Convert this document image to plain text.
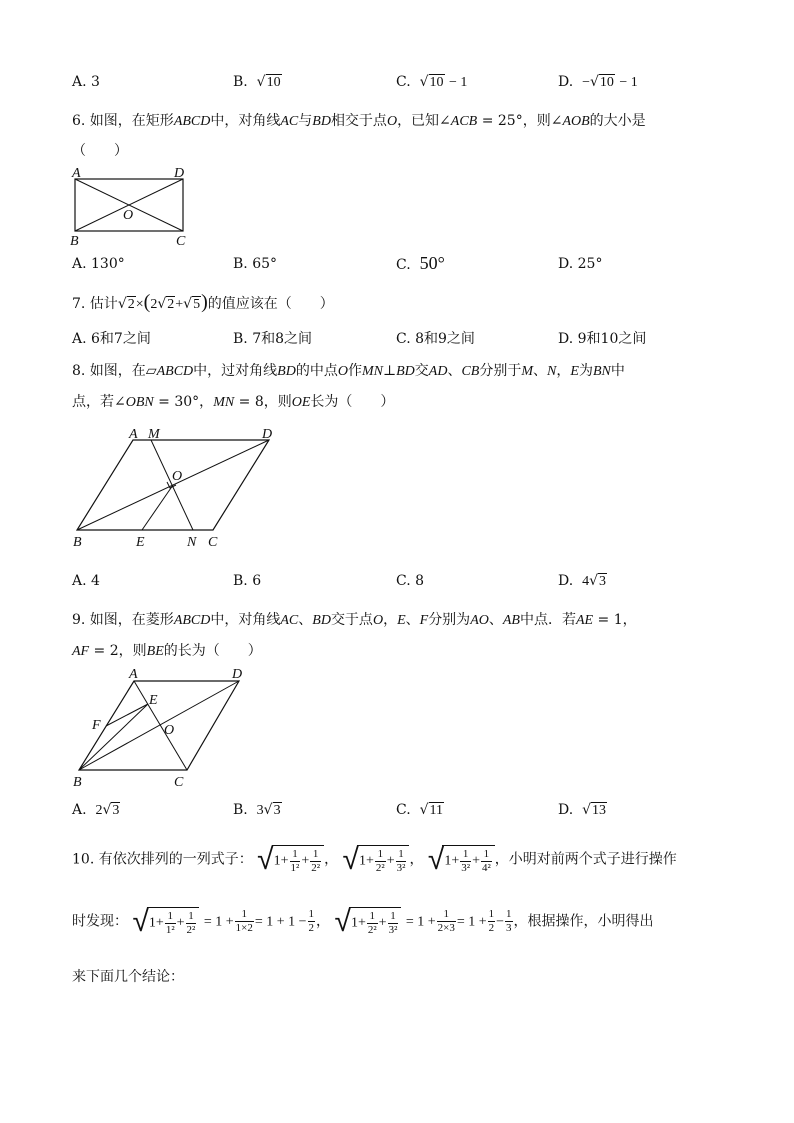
A. 3	B. √10	C. √10 − 1	D. −√10 − 1
6. 如图，在矩形ABCD中，对角线AC与BD相交于点O，已知∠ACB = 25°，则∠AOB的大小是
（　　）
A	D
O
B	C
A. 130°	B. 65°	C. 50°	D. 25°
7. 估计√2×(2√2+√5)的值应该在（　　）
A. 6和7之间	B. 7和8之间	C. 8和9之间	D. 9和10之间
8. 如图，在▱ABCD中，过对角线BD的中点O作MN⊥BD交AD、CB分别于M、N，E为BN中
点，若∠OBN = 30°，MN = 8，则OE长为（　　）
A M	D
O
B	E	N C
A. 4	B. 6	C. 8	D. 4√3
9. 如图，在菱形ABCD中，对角线AC、BD交于点O，E、F分别为AO、AB中点．若AE = 1，
AF = 2，则BE的长为（　　）
A	D
E
F	O
B	C
A. 2√3	B. 3√3	C. √11	D. √13
10. 有依次排列的一列式子： $√1+ \frac{1}{\text{1²}} + \frac{1}{\text{2²}}$ ， $√1+ \frac{1}{\text{2²}} + \frac{1}{\text{3²}}$ ， $√1+ \frac{1}{\text{3²}} + \frac{1}{\text{4²}}$ ，小明对前两个式子进行操作
时发现： $√1+ \frac{1}{\text{1²}} + \frac{1}{\text{2²}} = 1 + \frac{1}{1\times 2} = 1 + 1 - \frac{1}{2}$ ， $√1+ \frac{1}{\text{2²}} + \frac{1}{\text{3²}} = 1 + \frac{1}{2\times 3} = 1 + \frac{1}{2} - \frac{1}{3}$ ，根据操作，小明得出
来下面几个结论：
